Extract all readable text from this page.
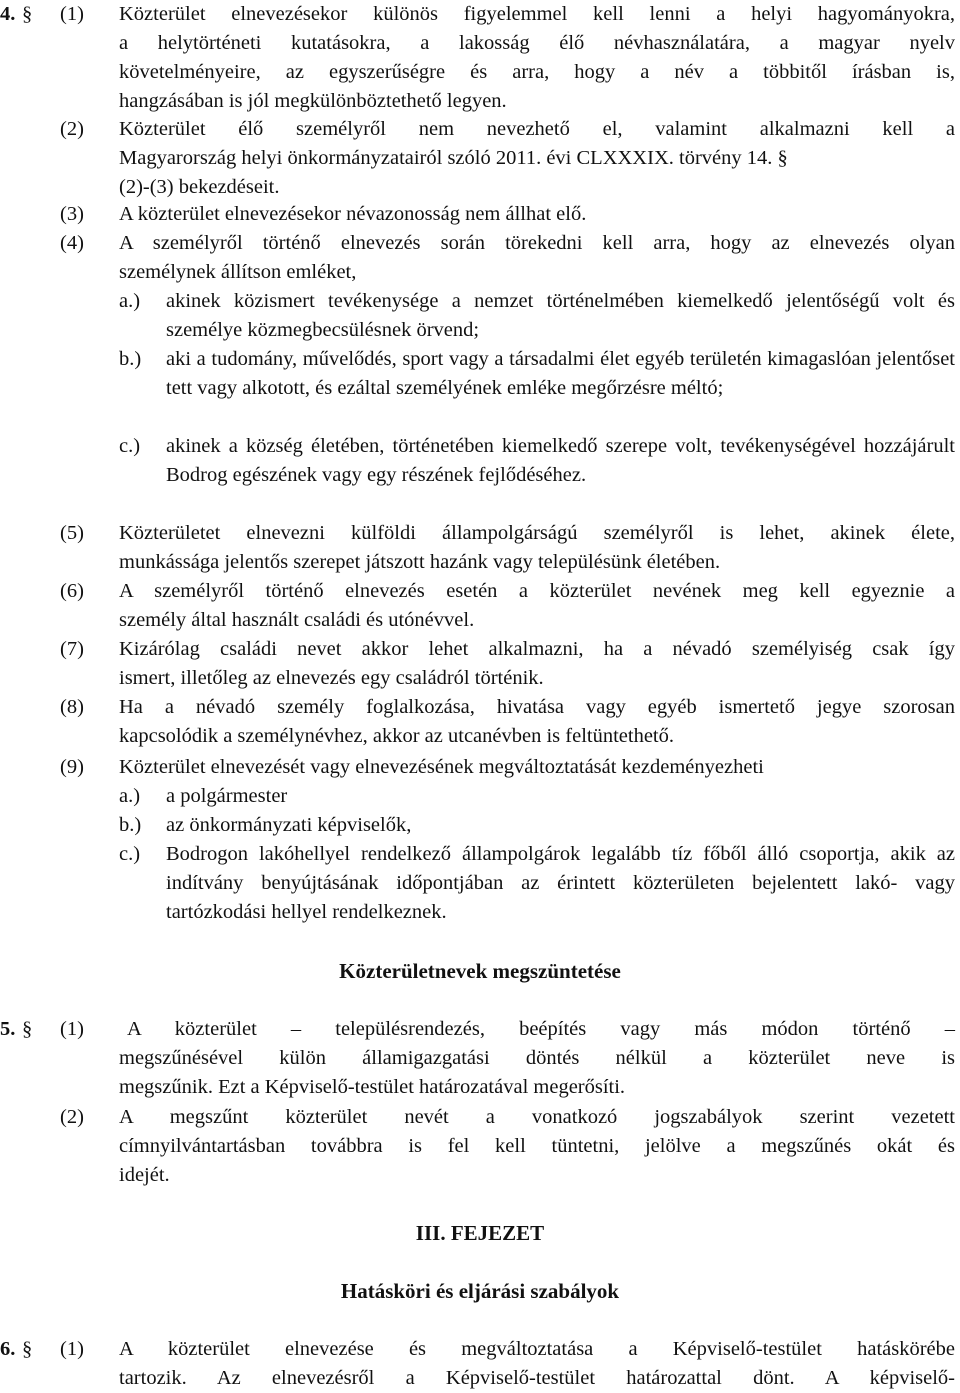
4. § (1) Közterület elnevezésekor különös figyelemmel kell lenni a helyi hagyományokra,
a helytörténeti kutatásokra, a lakosság élő névhasználatára, a magyar nyelv
követelményeire, az egyszerűségre és arra, hogy a név a többitől írásban is,
hangzásában is jól megkülönböztethető legyen.
(2) Közterület élő személyről nem nevezhető el, valamint alkalmazni kell a
Magyarország helyi önkormányzatairól szóló 2011. évi CLXXXIX. törvény 14. §
(2)-(3) bekezdéseit.
(3) A közterület elnevezésekor névazonosság nem állhat elő.
(4) A személyről történő elnevezés során törekedni kell arra, hogy az elnevezés olyan
személynek állítson emléket,
a.) akinek közismert tevékenysége a nemzet történelmében kiemelkedő jelentőségű volt és személye közmegbecsülésnek örvend;
b.) aki a tudomány, művelődés, sport vagy a társadalmi élet egyéb területén kimagaslóan jelentőset tett vagy alkotott, és ezáltal személyének emléke megőrzésre méltó;
c.) akinek a község életében, történetében kiemelkedő szerepe volt, tevékenységével hozzájárult Bodrog egészének vagy egy részének fejlődéséhez.
(5) Közterületet elnevezni külföldi állampolgárságú személyről is lehet, akinek élete,
munkássága jelentős szerepet játszott hazánk vagy településünk életében.
(6) A személyről történő elnevezés esetén a közterület nevének meg kell egyeznie a
személy által használt családi és utónévvel.
(7) Kizárólag családi nevet akkor lehet alkalmazni, ha a névadó személyiség csak így
ismert, illetőleg az elnevezés egy családról történik.
(8) Ha a névadó személy foglalkozása, hivatása vagy egyéb ismertető jegye szorosan
kapcsolódik a személynévhez, akkor az utcanévben is feltüntethető.
(9) Közterület elnevezését vagy elnevezésének megváltoztatását kezdeményezheti
a.) a polgármester
b.) az önkormányzati képviselők,
c.) Bodrogon lakóhellyel rendelkező állampolgárok legalább tíz főből álló csoportja, akik az indítvány benyújtásának időpontjában az érintett közterületen bejelentett lakó- vagy tartózkodási hellyel rendelkeznek.
Közterületnevek megszüntetése
5. § (1) A közterület – településrendezés, beépítés vagy más módon történő –
megszűnésével külön államigazgatási döntés nélkül a közterület neve is
megszűnik. Ezt a Képviselő-testület határozatával megerősíti.
(2) A megszűnt közterület nevét a vonatkozó jogszabályok szerint vezetett
címnyilvántartásban továbbra is fel kell tüntetni, jelölve a megszűnés okát és
idejét.
III. FEJEZET
Hatásköri és eljárási szabályok
6. § (1) A közterület elnevezése és megváltoztatása a Képviselő-testület hatáskörébe
tartozik. Az elnevezésről a Képviselő-testület határozattal dönt. A képviselő-
